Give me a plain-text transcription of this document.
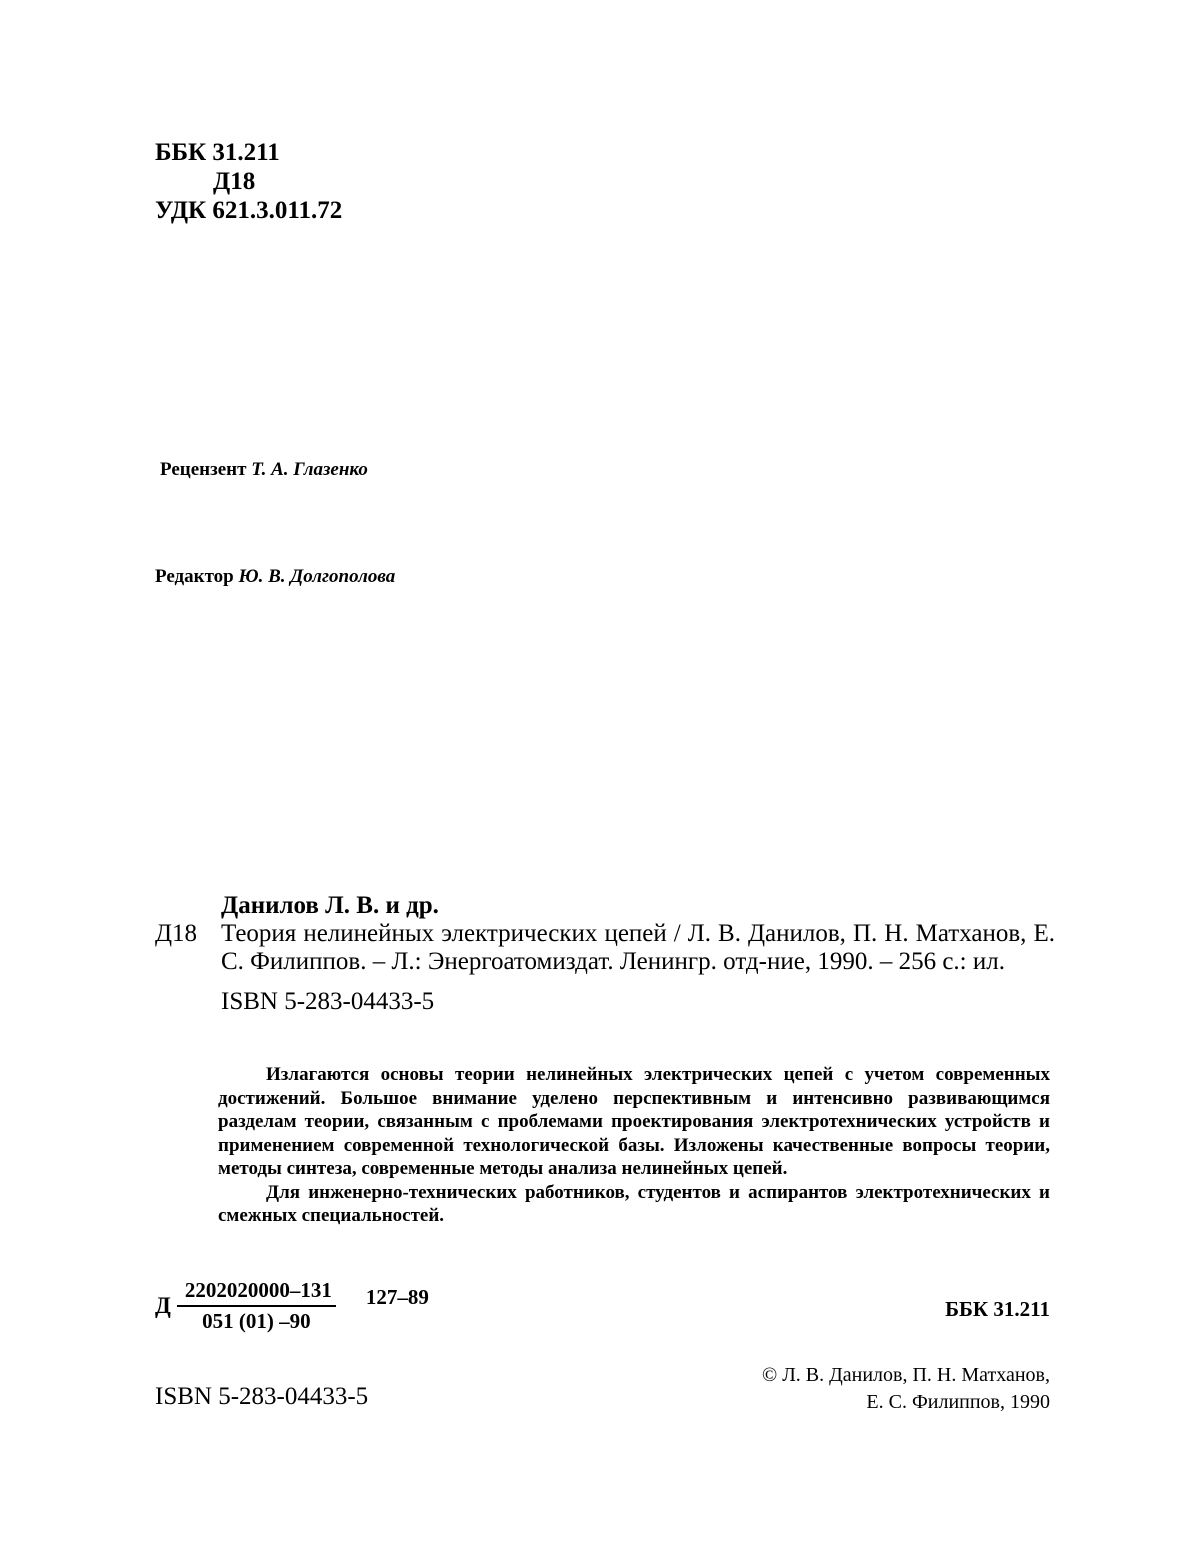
ББК 31.211
Д18
УДК 621.3.011.72
Рецензент Т. А. Глазенко
Редактор Ю. В. Долгополова
Данилов Л. В. и др.
Д18 Теория нелинейных электрических цепей / Л. В. Данилов, П. Н. Матханов, Е. С. Филиппов. – Л.: Энергоатомиздат. Ленингр. отд-ние, 1990. – 256 с.: ил.
ISBN 5-283-04433-5

Излагаются основы теории нелинейных электрических цепей с учетом современных достижений. Большое внимание уделено перспективным и интенсивно развивающимся разделам теории, связанным с проблемами проектирования электротехнических устройств и применением современной технологической базы. Изложены качественные вопросы теории, методы синтеза, современные методы анализа нелинейных цепей.

Для инженерно-технических работников, студентов и аспирантов электротехнических и смежных специальностей.

Д $\frac{2202020000-131}{051 (01) -90} 127-89$
ББК 31.211
ISBN 5-283-04433-5
© Л. В. Данилов, П. Н. Матханов,
Е. С. Филиппов, 1990
